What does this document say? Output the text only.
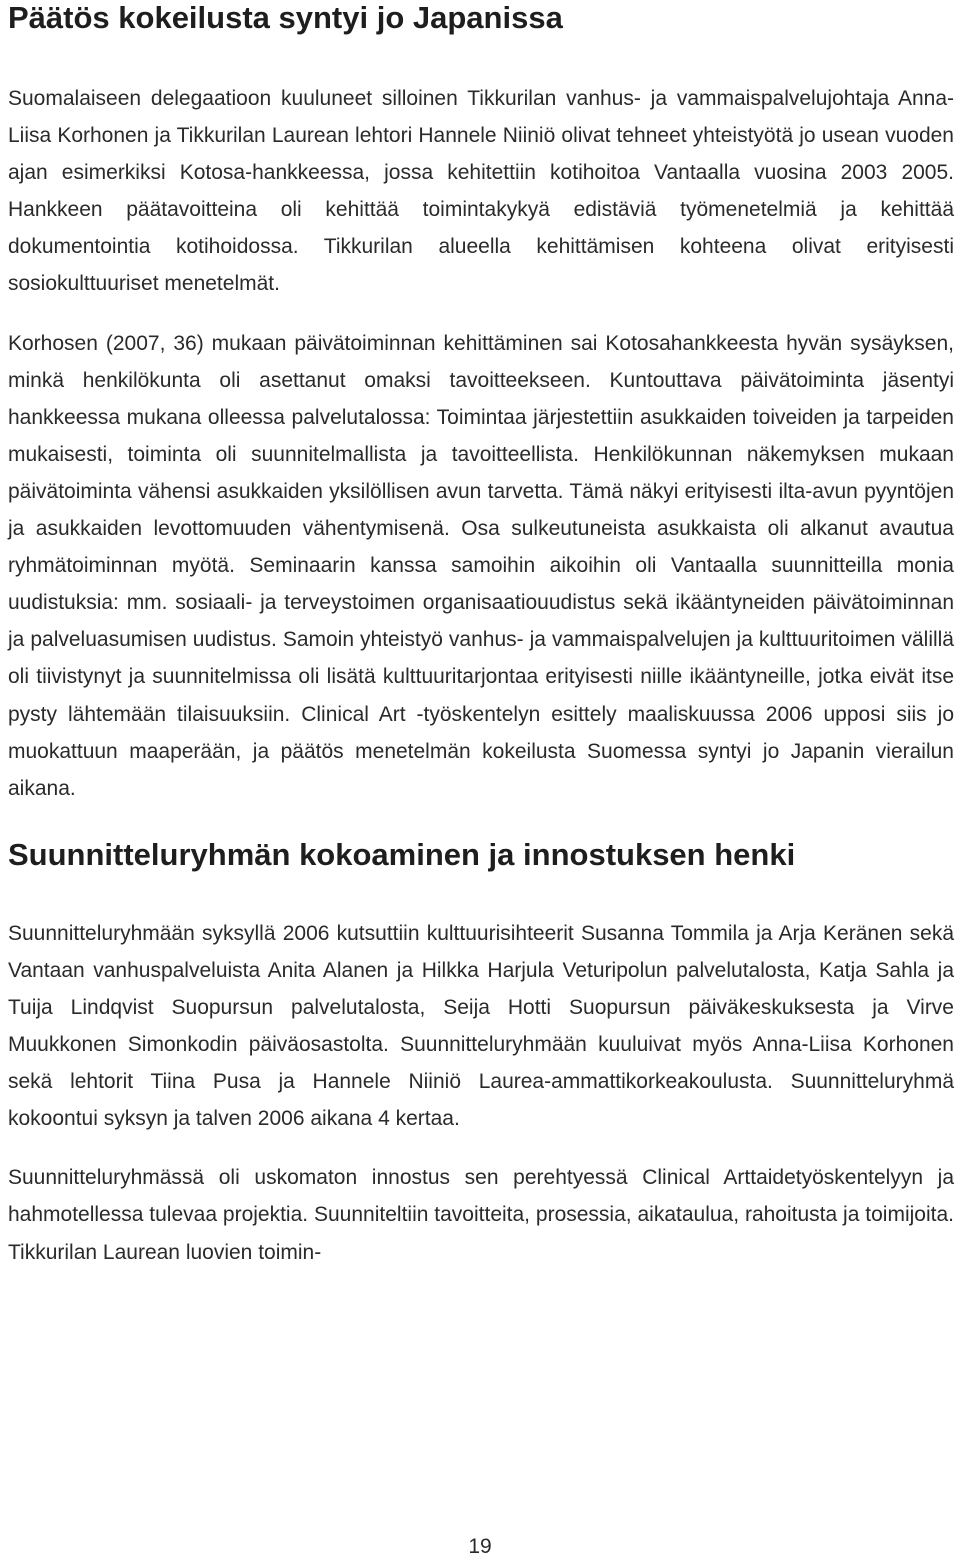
Päätös kokeilusta syntyi jo Japanissa

Suomalaiseen delegaatioon kuuluneet silloinen Tikkurilan vanhus- ja vammaispalvelujohtaja Anna-Liisa Korhonen ja Tikkurilan Laurean lehtori Hannele Niiniö olivat tehneet yhteistyötä jo usean vuoden ajan esimerkiksi Kotosa-hankkeessa, jossa kehitettiin kotihoitoa Vantaalla vuosina 2003 2005. Hankkeen päätavoitteina oli kehittää toimintakykyä edistäviä työmenetelmiä ja kehittää dokumentointia kotihoidossa. Tikkurilan alueella kehittämisen kohteena olivat erityisesti sosiokulttuuriset menetelmät.

Korhosen (2007, 36) mukaan päivätoiminnan kehittäminen sai Kotosahankkeesta hyvän sysäyksen, minkä henkilökunta oli asettanut omaksi tavoitteekseen. Kuntouttava päivätoiminta jäsentyi hankkeessa mukana olleessa palvelutalossa: Toimintaa järjestettiin asukkaiden toiveiden ja tarpeiden mukaisesti, toiminta oli suunnitelmallista ja tavoitteellista. Henkilökunnan näkemyksen mukaan päivätoiminta vähensi asukkaiden yksilöllisen avun tarvetta. Tämä näkyi erityisesti ilta-avun pyyntöjen ja asukkaiden levottomuuden vähentymisenä. Osa sulkeutuneista asukkaista oli alkanut avautua ryhmätoiminnan myötä. Seminaarin kanssa samoihin aikoihin oli Vantaalla suunnitteilla monia uudistuksia: mm. sosiaali- ja terveystoimen organisaatiouudistus sekä ikääntyneiden päivätoiminnan ja palveluasumisen uudistus. Samoin yhteistyö vanhus- ja vammaispalvelujen ja kulttuuritoimen välillä oli tiivistynyt ja suunnitelmissa oli lisätä kulttuuritarjontaa erityisesti niille ikääntyneille, jotka eivät itse pysty lähtemään tilaisuuksiin. Clinical Art -työskentelyn esittely maaliskuussa 2006 upposi siis jo muokattuun maaperään, ja päätös menetelmän kokeilusta Suomessa syntyi jo Japanin vierailun aikana.

Suunnitteluryhmän kokoaminen ja innostuksen henki

Suunnitteluryhmään syksyllä 2006 kutsuttiin kulttuurisihteerit Susanna Tommila ja Arja Keränen sekä Vantaan vanhuspalveluista Anita Alanen ja Hilkka Harjula Veturipolun palvelutalosta, Katja Sahla ja Tuija Lindqvist Suopursun palvelutalosta, Seija Hotti Suopursun päiväkeskuksesta ja Virve Muukkonen Simonkodin päiväosastolta. Suunnitteluryhmään kuuluivat myös Anna-Liisa Korhonen sekä lehtorit Tiina Pusa ja Hannele Niiniö Laurea-ammattikorkeakoulusta. Suunnitteluryhmä kokoontui syksyn ja talven 2006 aikana 4 kertaa.

Suunnitteluryhmässä oli uskomaton innostus sen perehtyessä Clinical Arttaidetyöskentelyyn ja hahmotellessa tulevaa projektia. Suunniteltiin tavoitteita, prosessia, aikataulua, rahoitusta ja toimijoita. Tikkurilan Laurean luovien toimin-

19
